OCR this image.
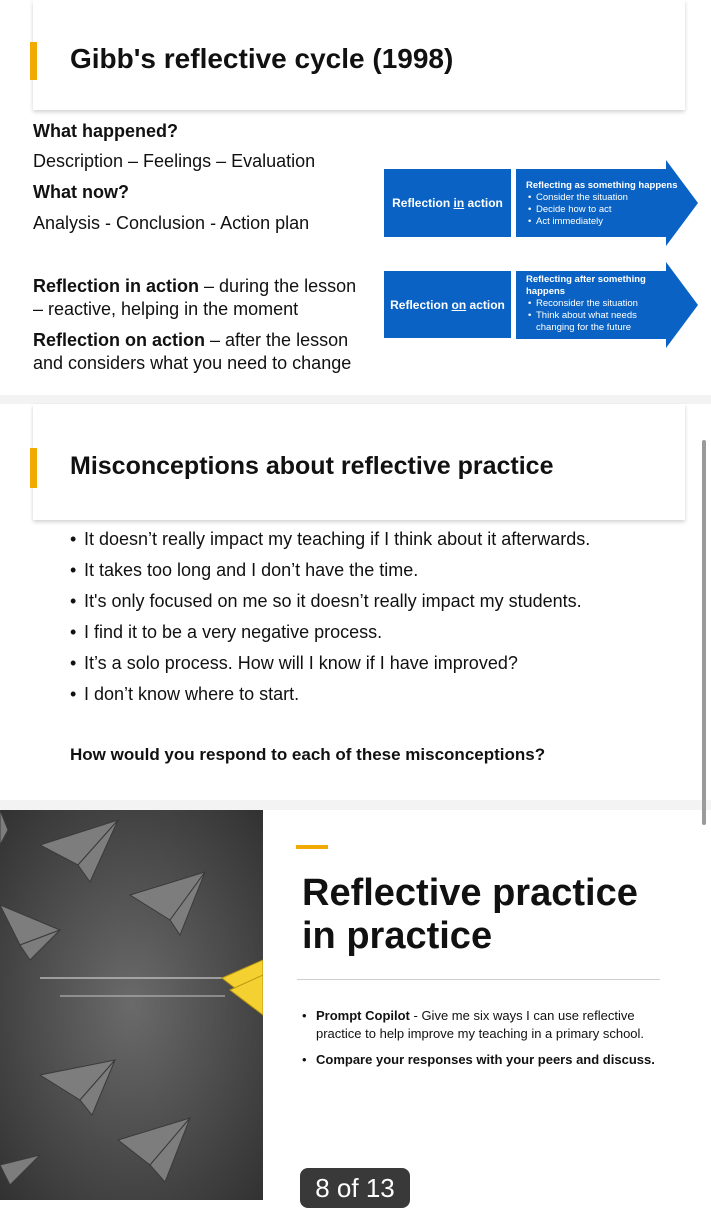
Gibb's reflective cycle (1998)
What happened?
Description – Feelings – Evaluation
What now?
Analysis - Conclusion - Action plan
Reflection in action – during the lesson
– reactive, helping in the moment
Reflection on action – after the lesson
and considers what you need to change
Reflection
in
action
Reflecting as something happens
• Consider the situation
• Decide how to act
• Act immediately
Reflection
on
action
Reflecting after something
happens
• Reconsider the situation
• Think about what needs
changing for the future
Misconceptions about reflective practice
• It doesn’t really impact my teaching if I think about it afterwards.
• It takes too long and I don’t have the time.
• It's only focused on me so it doesn’t really impact my students.
• I find it to be a very negative process.
• It’s a solo process. How will I know if I have improved?
• I don’t know where to start.
How would you respond to each of these misconceptions?
Reflective practice
in practice
• Prompt Copilot - Give me six ways I can use reflective practice to help improve my teaching in a primary school.
• Compare your responses with your peers and discuss.
8 of 13
